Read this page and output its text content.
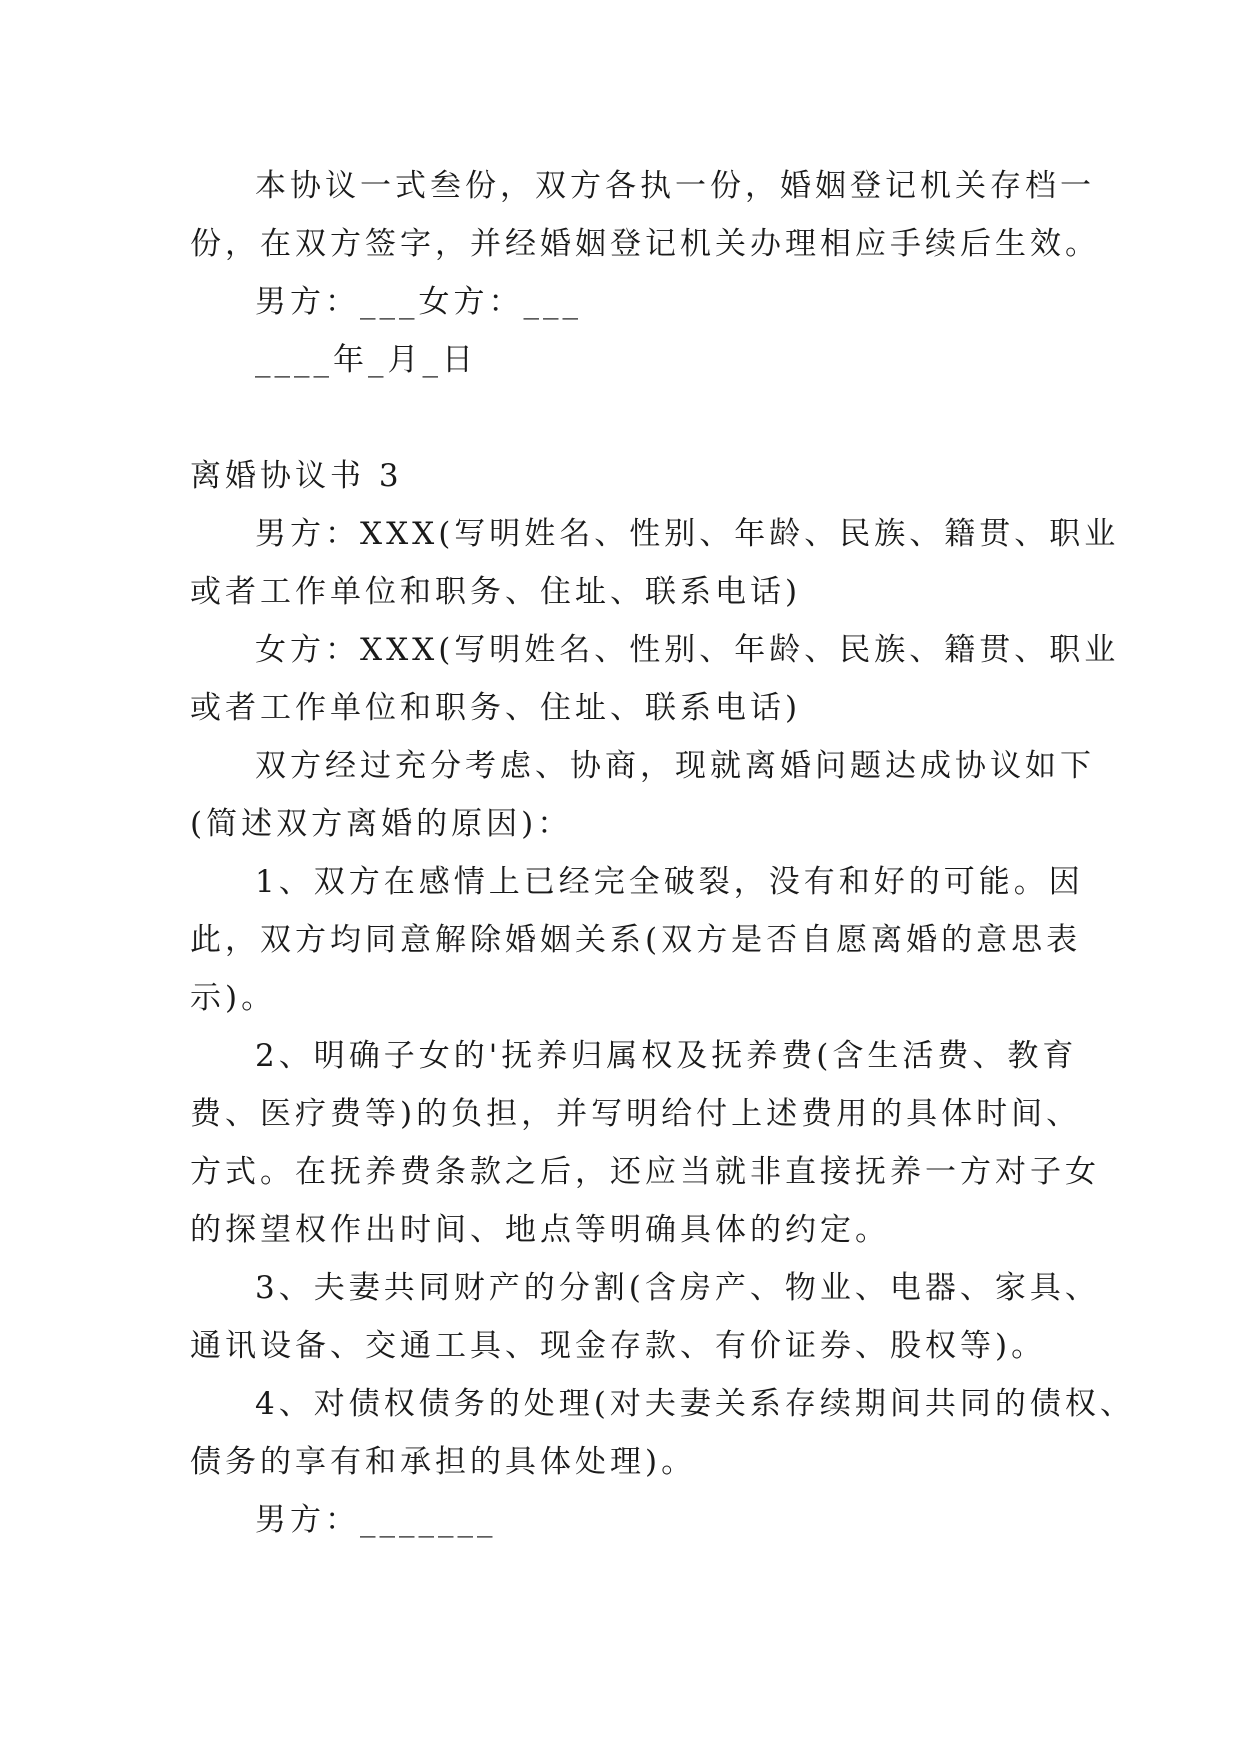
本协议一式叁份，双方各执一份，婚姻登记机关存档一
份，在双方签字，并经婚姻登记机关办理相应手续后生效。
男方：___女方：___
____年_月_日
离婚协议书 3
男方：XXX(写明姓名、性别、年龄、民族、籍贯、职业
或者工作单位和职务、住址、联系电话)
女方：XXX(写明姓名、性别、年龄、民族、籍贯、职业
或者工作单位和职务、住址、联系电话)
双方经过充分考虑、协商，现就离婚问题达成协议如下
(简述双方离婚的原因)：
1、双方在感情上已经完全破裂，没有和好的可能。因
此，双方均同意解除婚姻关系(双方是否自愿离婚的意思表
示)。
2、明确子女的'抚养归属权及抚养费(含生活费、教育
费、医疗费等)的负担，并写明给付上述费用的具体时间、
方式。在抚养费条款之后，还应当就非直接抚养一方对子女
的探望权作出时间、地点等明确具体的约定。
3、夫妻共同财产的分割(含房产、物业、电器、家具、
通讯设备、交通工具、现金存款、有价证券、股权等)。
4、对债权债务的处理(对夫妻关系存续期间共同的债权、
债务的享有和承担的具体处理)。
男方：_______
